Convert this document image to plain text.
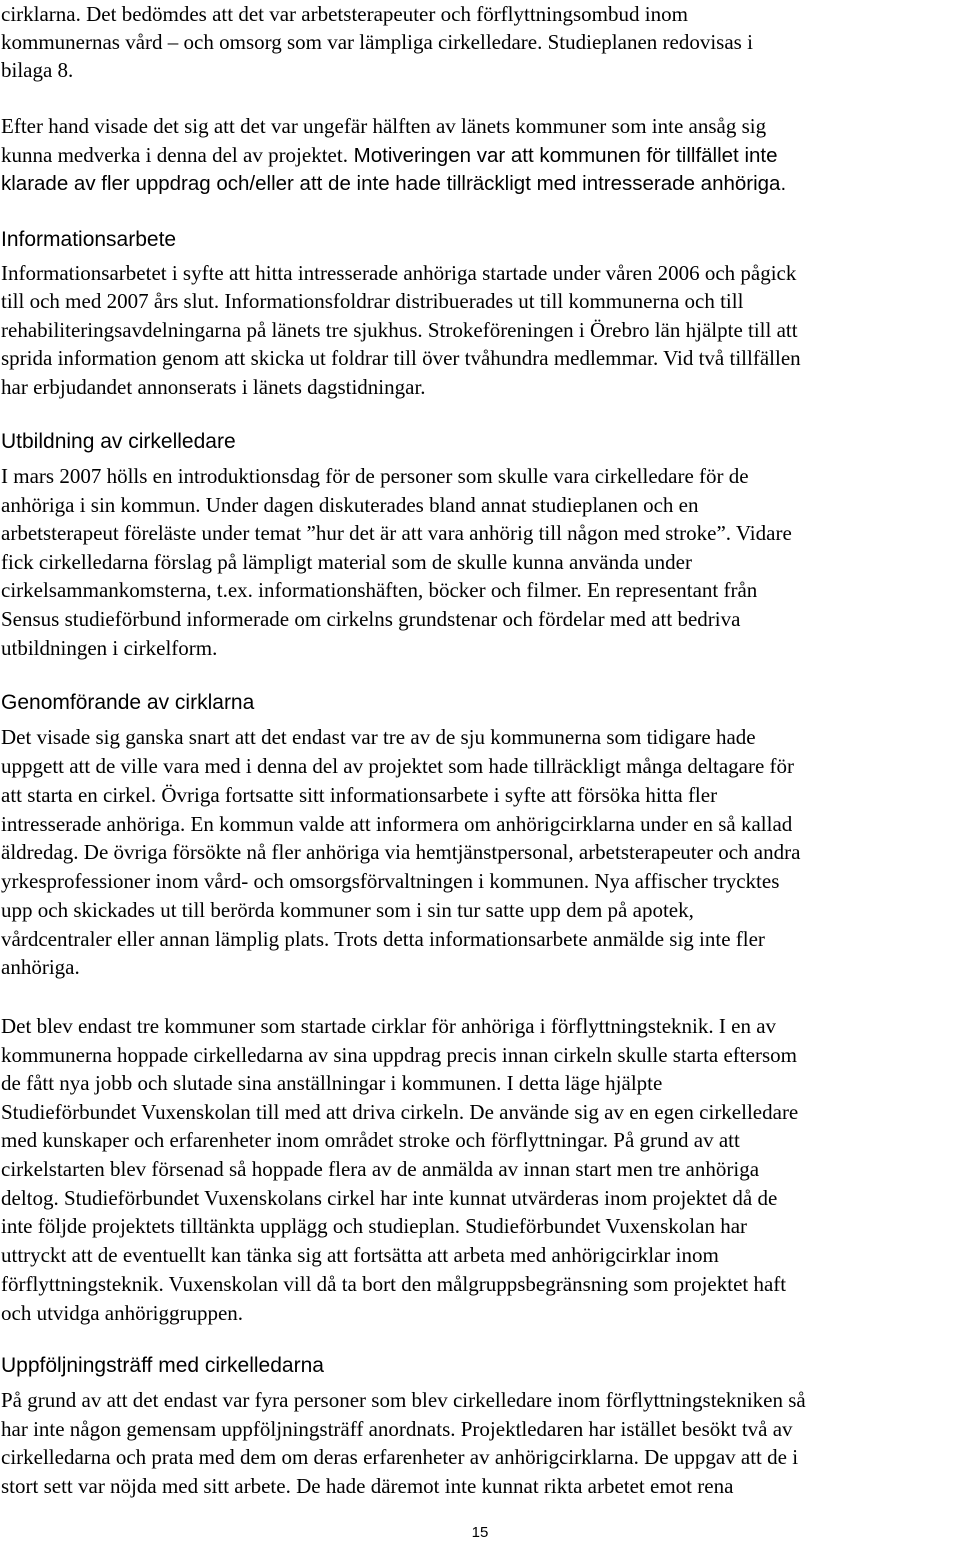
cirklarna. Det bedömdes att det var arbetsterapeuter och förflyttningsombud inom

kommunernas vård – och omsorg som var lämpliga cirkelledare. Studieplanen redovisas i

bilaga 8.

Efter hand visade det sig att det var ungefär hälften av länets kommuner som inte ansåg sig

kunna medverka i denna del av projektet. Motiveringen var att kommunen för tillfället inte

klarade av fler uppdrag och/eller att de inte hade tillräckligt med intresserade anhöriga.

Informationsarbete

Informationsarbetet i syfte att hitta intresserade anhöriga startade under våren 2006 och pågick

till och med 2007 års slut. Informationsfoldrar distribuerades ut till kommunerna och till

rehabiliteringsavdelningarna på länets tre sjukhus. Strokeföreningen i Örebro län hjälpte till att

sprida information genom att skicka ut foldrar till över tvåhundra medlemmar. Vid två tillfällen

har erbjudandet annonserats i länets dagstidningar.

Utbildning av cirkelledare

I mars 2007 hölls en introduktionsdag för de personer som skulle vara cirkelledare för de

anhöriga i sin kommun. Under dagen diskuterades bland annat studieplanen och en

arbetsterapeut föreläste under temat ”hur det är att vara anhörig till någon med stroke”. Vidare

fick cirkelledarna förslag på lämpligt material som de skulle kunna använda under

cirkelsammankomsterna, t.ex. informationshäften, böcker och filmer. En representant från

Sensus studieförbund informerade om cirkelns grundstenar och fördelar med att bedriva

utbildningen i cirkelform.

Genomförande av cirklarna

Det visade sig ganska snart att det endast var tre av de sju kommunerna som tidigare hade

uppgett att de ville vara med i denna del av projektet som hade tillräckligt många deltagare för

att starta en cirkel. Övriga fortsatte sitt informationsarbete i syfte att försöka hitta fler

intresserade anhöriga. En kommun valde att informera om anhörigcirklarna under en så kallad

äldredag. De övriga försökte nå fler anhöriga via hemtjänstpersonal, arbetsterapeuter och andra

yrkesprofessioner inom vård- och omsorgsförvaltningen i kommunen. Nya affischer trycktes

upp och skickades ut till berörda kommuner som i sin tur satte upp dem på apotek,

vårdcentraler eller annan lämplig plats. Trots detta informationsarbete anmälde sig inte fler

anhöriga.

Det blev endast tre kommuner som startade cirklar för anhöriga i förflyttningsteknik. I en av

kommunerna hoppade cirkelledarna av sina uppdrag precis innan cirkeln skulle starta eftersom

de fått nya jobb och slutade sina anställningar i kommunen. I detta läge hjälpte

Studieförbundet Vuxenskolan till med att driva cirkeln. De använde sig av en egen cirkelledare

med kunskaper och erfarenheter inom området stroke och förflyttningar. På grund av att

cirkelstarten blev försenad så hoppade flera av de anmälda av innan start men tre anhöriga

deltog. Studieförbundet Vuxenskolans cirkel har inte kunnat utvärderas inom projektet då de

inte följde projektets tilltänkta upplägg och studieplan. Studieförbundet Vuxenskolan har

uttryckt att de eventuellt kan tänka sig att fortsätta att arbeta med anhörigcirklar inom

förflyttningsteknik. Vuxenskolan vill då ta bort den målgruppsbegränsning som projektet haft

och utvidga anhöriggruppen.

Uppföljningsträff med cirkelledarna

På grund av att det endast var fyra personer som blev cirkelledare inom förflyttningstekniken så

har inte någon gemensam uppföljningsträff anordnats. Projektledaren har istället besökt två av

cirkelledarna och prata med dem om deras erfarenheter av anhörigcirklarna. De uppgav att de i

stort sett var nöjda med sitt arbete. De hade däremot inte kunnat rikta arbetet emot rena

15
